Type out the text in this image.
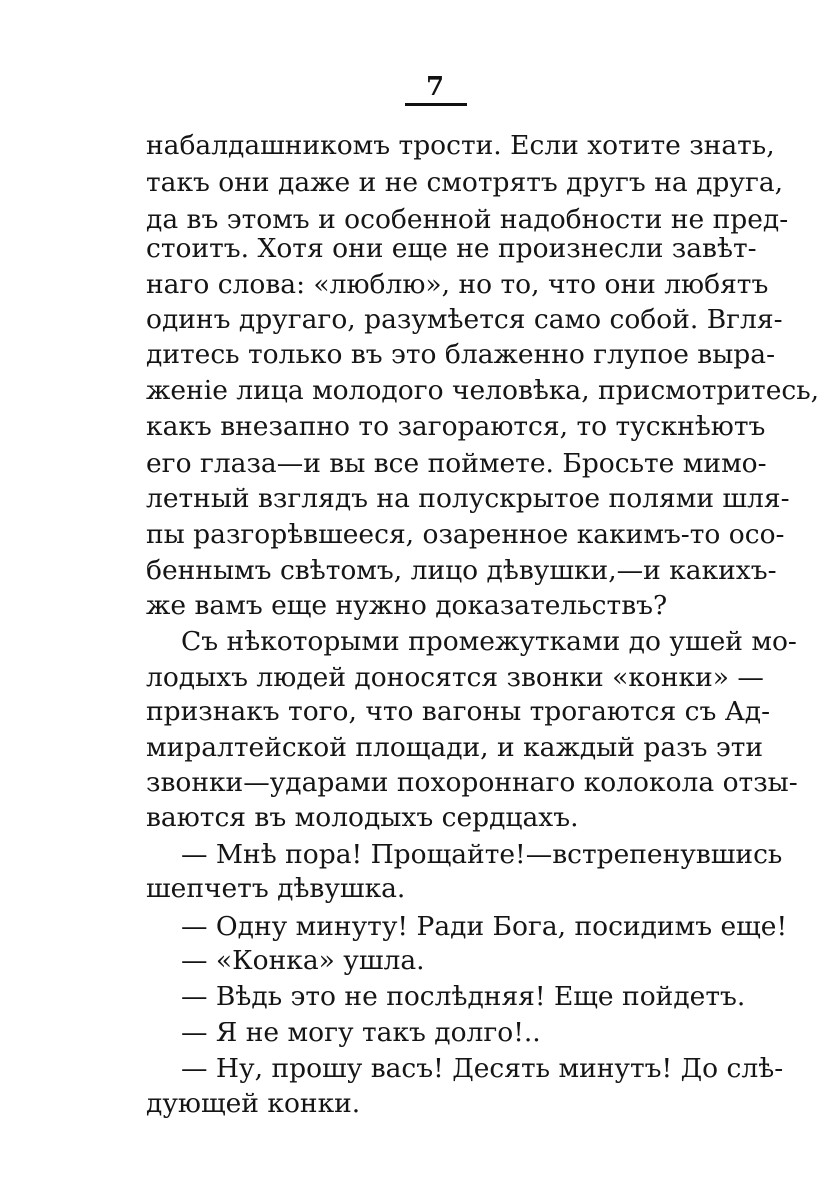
7
набалдашникомъ трости. Если хотите знать,
такъ они даже и не смотрятъ другъ на друга,
да въ этомъ и особенной надобности не пред-
стоитъ. Хотя они еще не произнесли завѣт-
наго слова: «люблю», но то, что они любятъ
одинъ другаго, разумѣется само собой. Вгля-
дитесь только въ это блаженно глупое выра-
женіе лица молодого человѣка, присмотритесь,
какъ внезапно то загораются, то тускнѣютъ
его глаза—и вы все поймете. Бросьте мимо-
летный взглядъ на полускрытое полями шля-
пы разгорѣвшееся, озаренное какимъ-то осо-
беннымъ свѣтомъ, лицо дѣвушки,—и какихъ-
же вамъ еще нужно доказательствъ?
Съ нѣкоторыми промежутками до ушей мо-
лодыхъ людей доносятся звонки «конки» —
признакъ того, что вагоны трогаются съ Ад-
миралтейской площади, и каждый разъ эти
звонки—ударами похороннаго колокола отзы-
ваются въ молодыхъ сердцахъ.
— Мнѣ пора! Прощайте!—встрепенувшись
шепчетъ дѣвушка.
— Одну минуту! Ради Бога, посидимъ еще!
— «Конка» ушла.
— Вѣдь это не послѣдняя! Еще пойдетъ.
— Я не могу такъ долго!..
— Ну, прошу васъ! Десять минутъ! До слѣ-
дующей конки.
